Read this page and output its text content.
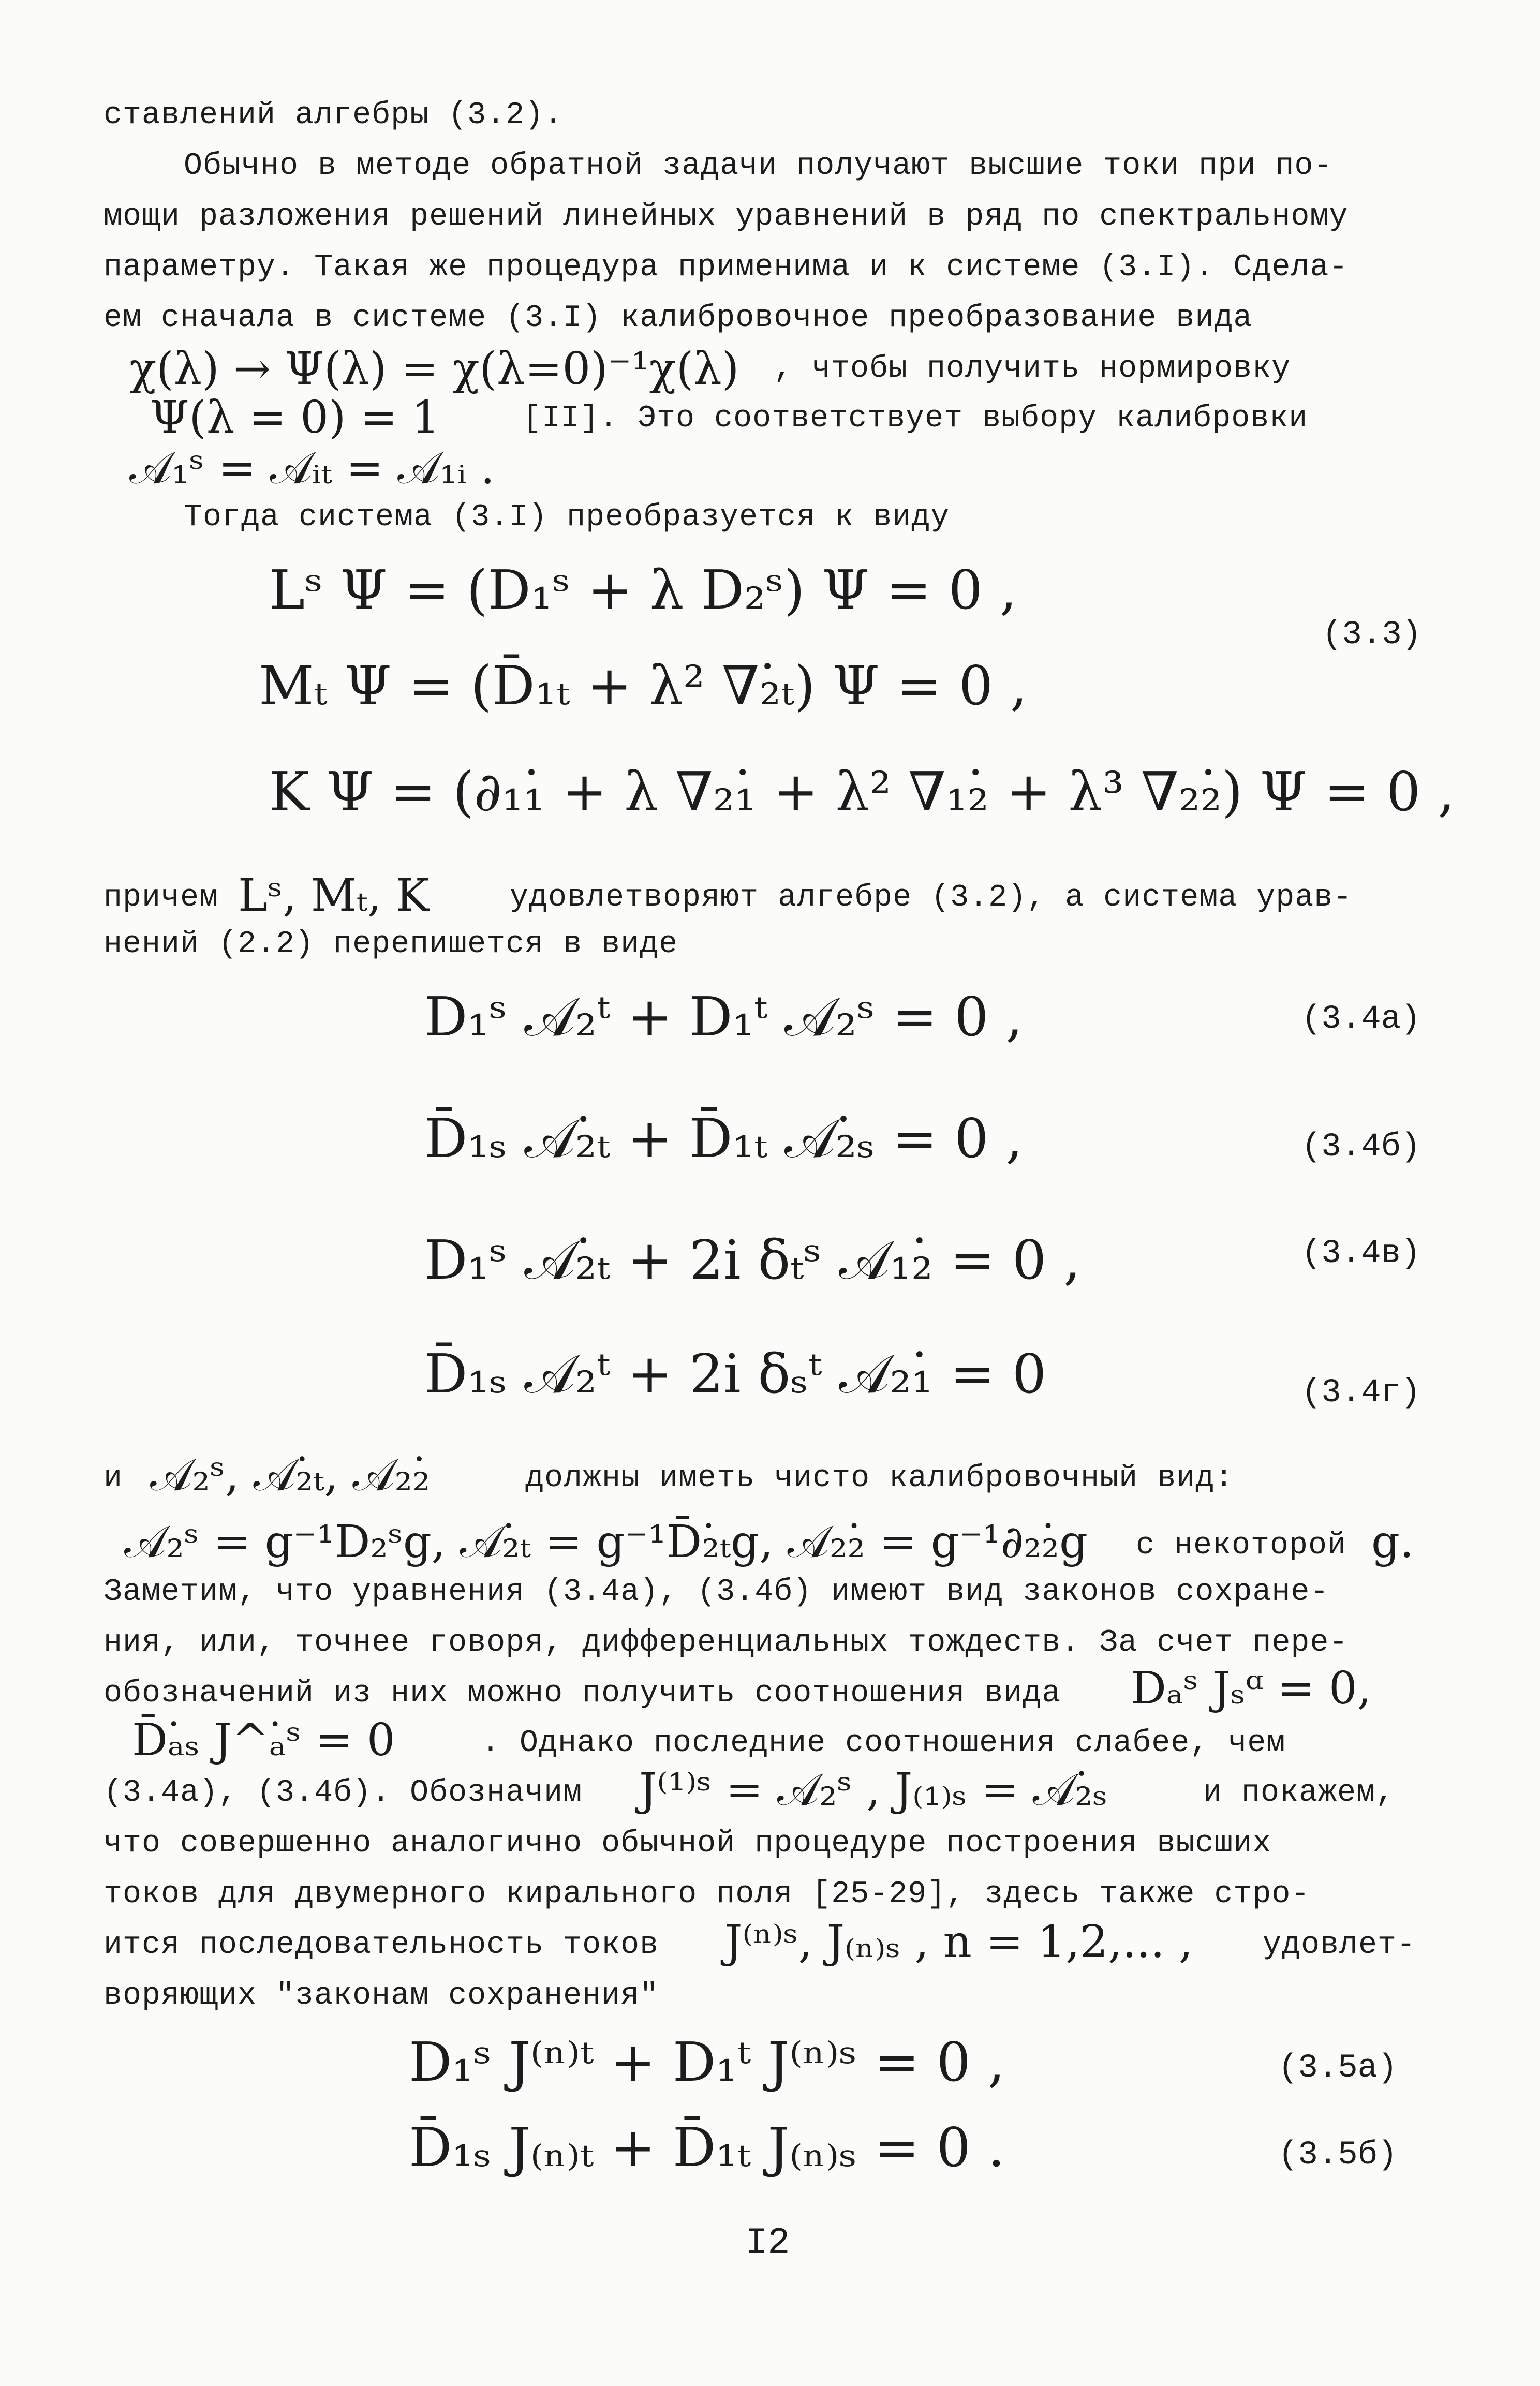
ставлений алгебры (3.2).
Обычно в методе обратной задачи получают высшие токи при по-
мощи разложения решений линейных уравнений в ряд по спектральному
параметру. Такая же процедура применима и к системе (3.I). Сдела-
ем сначала в системе (3.I) калибровочное преобразование вида
χ(λ) → Ψ(λ) = χ(λ=0)⁻¹χ(λ) , чтобы получить нормировку
Ψ(λ = 0) = 1	[II]. Это соответствует выбору калибровки
𝒜₁ˢ = 𝒜ᵢₜ = 𝒜₁ᵢ .
Тогда система (3.I) преобразуется к виду
Lˢ Ψ = (D₁ˢ + λ D₂ˢ) Ψ = 0 ,
Mₜ Ψ = (D̄₁ₜ + λ² ∇₂̇ₜ) Ψ = 0 ,
(3.3)
K Ψ = (∂₁₁̇ + λ ∇₂₁̇ + λ² ∇₁₂̇ + λ³ ∇₂₂̇) Ψ = 0 ,
причем Lˢ, Mₜ, K	удовлетворяют алгебре (3.2), а система урав-
нений (2.2) перепишется в виде
D₁ˢ 𝒜₂ᵗ + D₁ᵗ 𝒜₂ˢ = 0 ,	(3.4а)
D̄₁ₛ 𝒜₂̇ₜ + D̄₁ₜ 𝒜₂̇ₛ = 0 ,	(3.4б)
D₁ˢ 𝒜₂̇ₜ + 2i δₜˢ 𝒜₁₂̇ = 0 ,	(3.4в)
D̄₁ₛ 𝒜₂ᵗ + 2i δₛᵗ 𝒜₂₁̇ = 0	(3.4г)
и 𝒜₂ˢ, 𝒜₂̇ₜ, 𝒜₂₂̇	должны иметь чисто калибровочный вид:
𝒜₂ˢ = g⁻¹D₂ˢg, 𝒜₂̇ₜ = g⁻¹D̄₂̇ₜg, 𝒜₂₂̇ = g⁻¹∂₂₂̇g с некоторой g.
Заметим, что уравнения (3.4а), (3.4б) имеют вид законов сохране-
ния, или, точнее говоря, дифференциальных тождеств. За счет пере-
обозначений из них можно получить соотношения вида Dₐˢ Jₛᵅ = 0,
D̄ₐ̇ₛ J^ₐ̇ˢ = 0	. Однако последние соотношения слабее, чем
(3.4а), (3.4б). Обозначим J⁽¹⁾ˢ = 𝒜₂ˢ , J₍₁₎ₛ = 𝒜₂̇ₛ	и покажем,
что совершенно аналогично обычной процедуре построения высших
токов для двумерного кирального поля [25-29], здесь также стро-
ится последовательность токов J⁽ⁿ⁾ˢ, J₍ₙ₎ₛ , n = 1,2,... , удовлет-
воряющих "законам сохранения"
D₁ˢ J⁽ⁿ⁾ᵗ + D₁ᵗ J⁽ⁿ⁾ˢ = 0 ,	(3.5а)
D̄₁ₛ J₍ₙ₎ₜ + D̄₁ₜ J₍ₙ₎ₛ = 0 .	(3.5б)
I2
